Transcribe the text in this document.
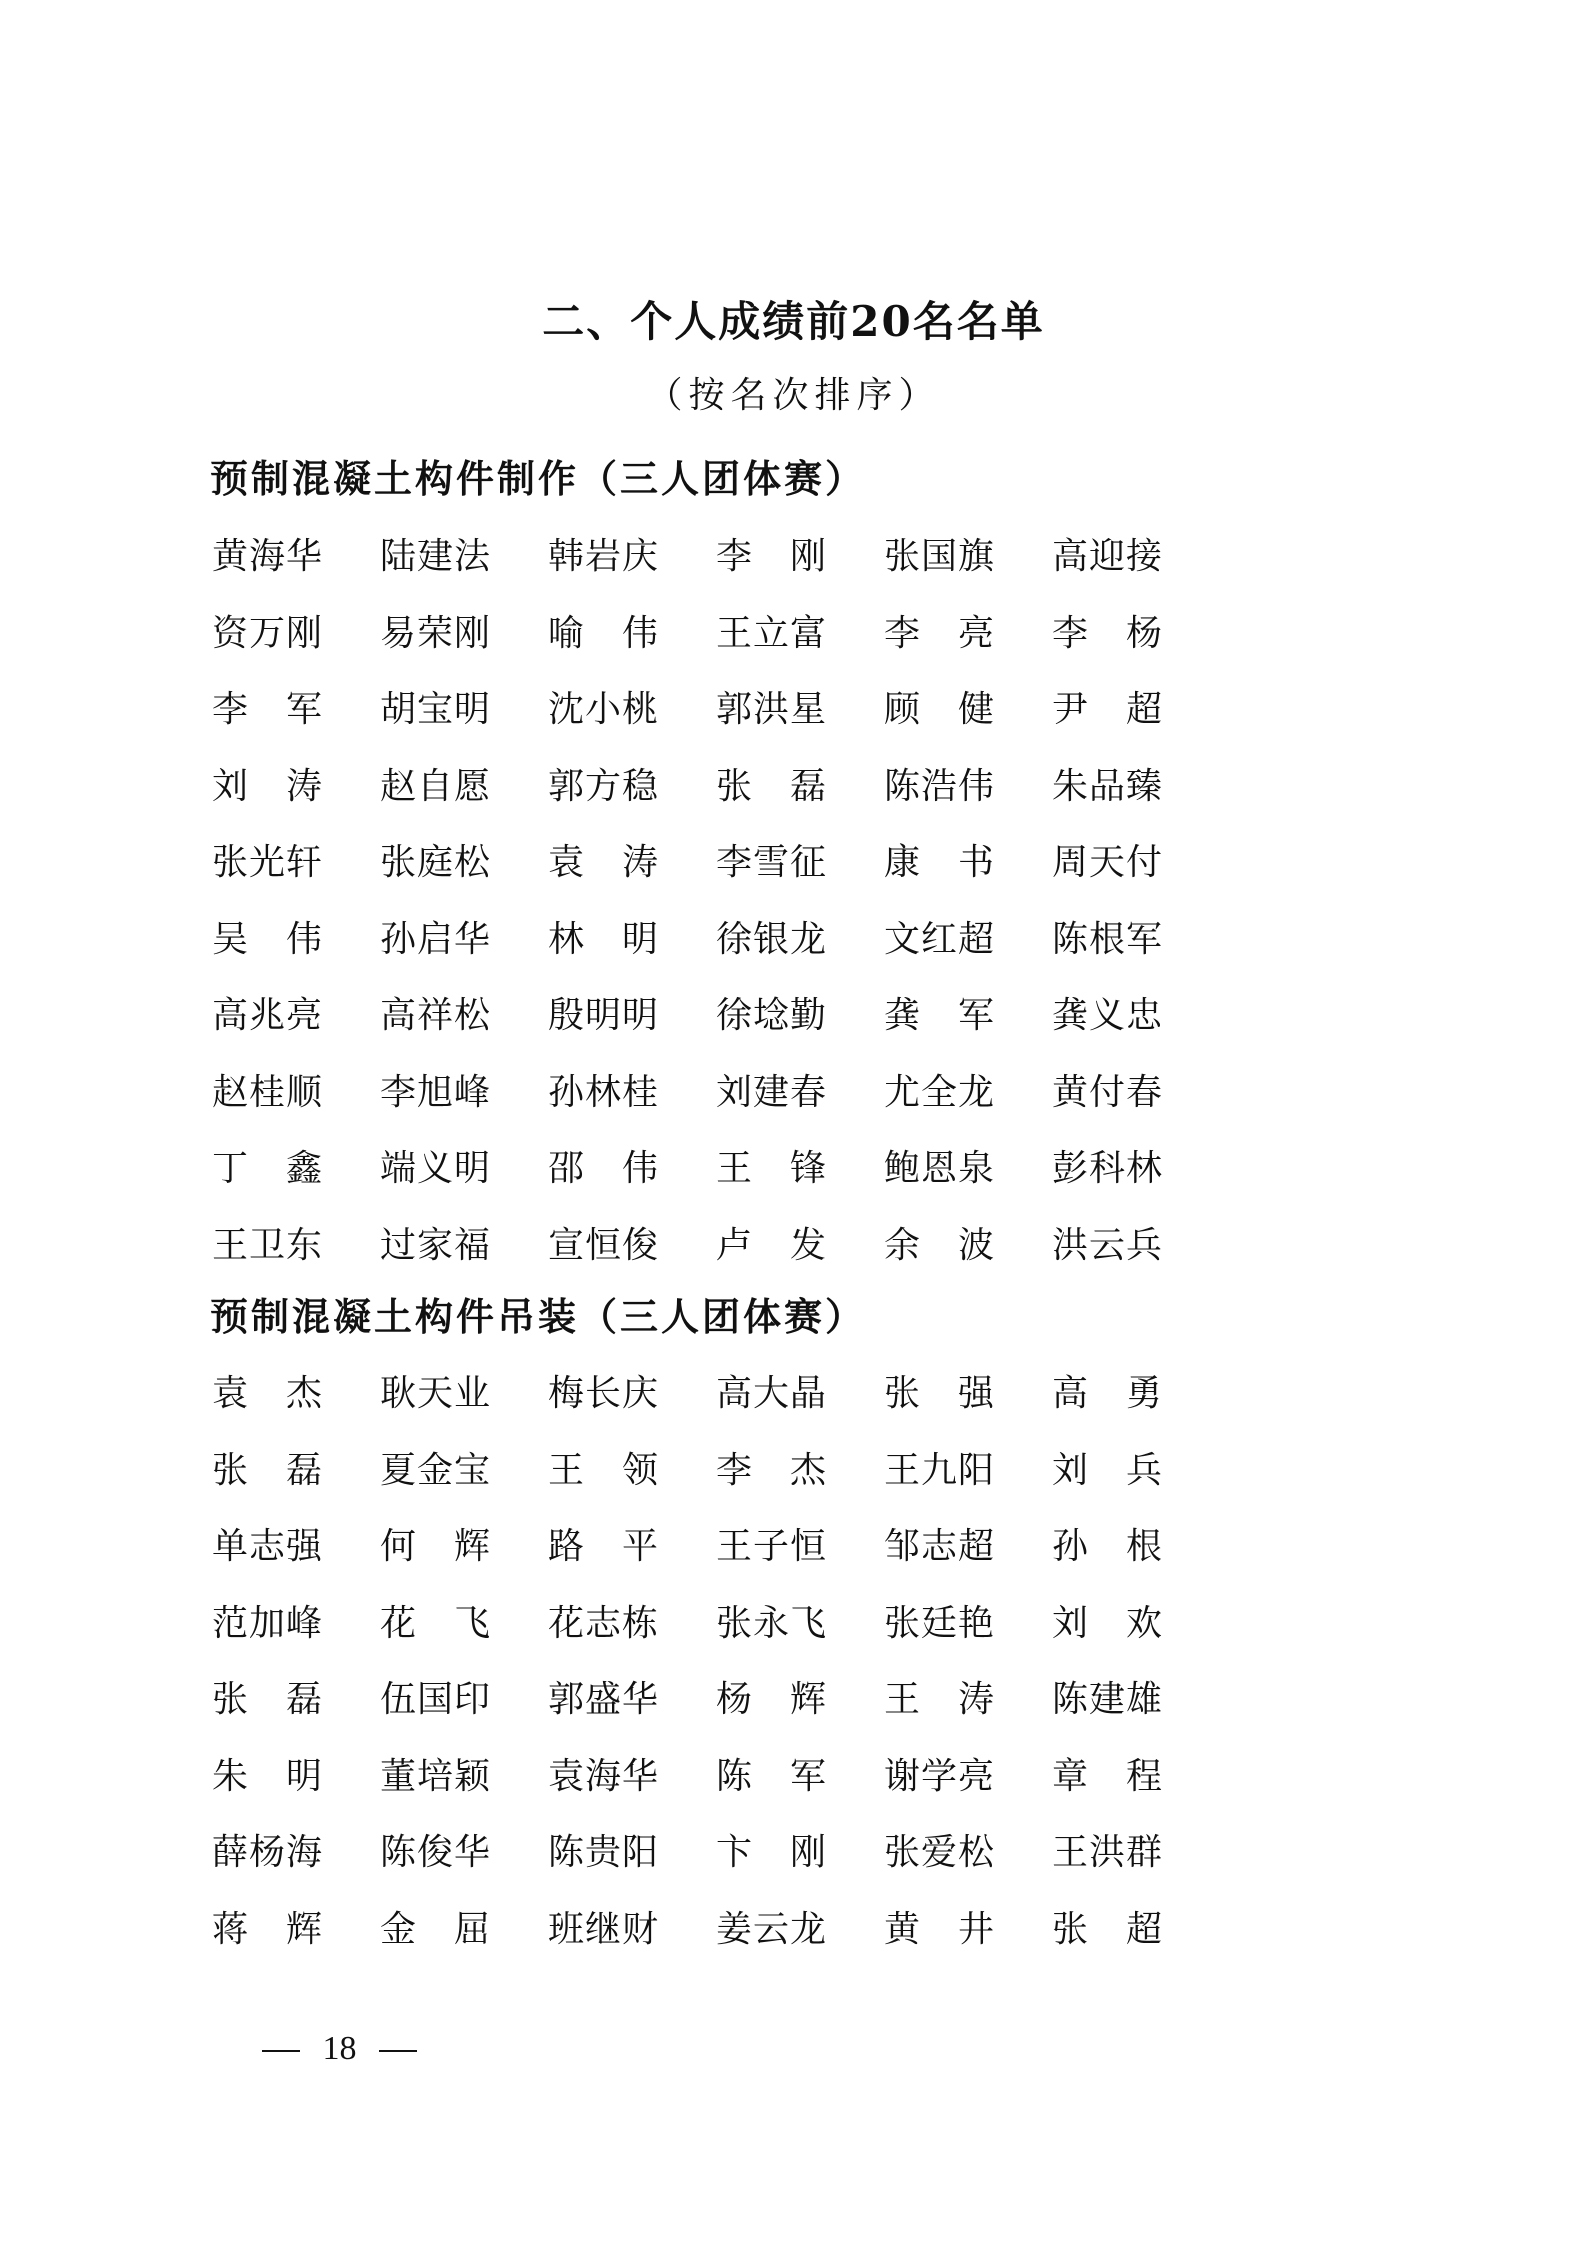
二、个人成绩前20名名单
（按名次排序）
预制混凝土构件制作（三人团体赛）
黄 海 华 陆 建 法 韩 岩 庆 李 刚 张 国 旗 高 迎 接
资 万 刚 易 荣 刚 喻 伟 王 立 富 李 亮 李 杨
李 军 胡 宝 明 沈 小 桃 郭 洪 星 顾 健 尹 超
刘 涛 赵 自 愿 郭 方 稳 张 磊 陈 浩 伟 朱 品 臻
张 光 轩 张 庭 松 袁 涛 李 雪 征 康 书 周 天 付
吴 伟 孙 启 华 林 明 徐 银 龙 文 红 超 陈 根 军
高 兆 亮 高 祥 松 殷 明 明 徐 埝 勤 龚 军 龚 义 忠
赵 桂 顺 李 旭 峰 孙 林 桂 刘 建 春 尤 全 龙 黄 付 春
丁 鑫 端 义 明 邵 伟 王 锋 鲍 恩 泉 彭 科 林
王 卫 东 过 家 福 宣 恒 俊 卢 发 余 波 洪 云 兵
预制混凝土构件吊装（三人团体赛）
袁 杰 耿 天 业 梅 长 庆 高 大 晶 张 强 高 勇
张 磊 夏 金 宝 王 领 李 杰 王 九 阳 刘 兵
单 志 强 何 辉 路 平 王 子 恒 邹 志 超 孙 根
范 加 峰 花 飞 花 志 栋 张 永 飞 张 廷 艳 刘 欢
张 磊 伍 国 印 郭 盛 华 杨 辉 王 涛 陈 建 雄
朱 明 董 培 颖 袁 海 华 陈 军 谢 学 亮 章 程
薛 杨 海 陈 俊 华 陈 贵 阳 卞 刚 张 爱 松 王 洪 群
蒋 辉 金 屈 班 继 财 姜 云 龙 黄 井 张 超
18
